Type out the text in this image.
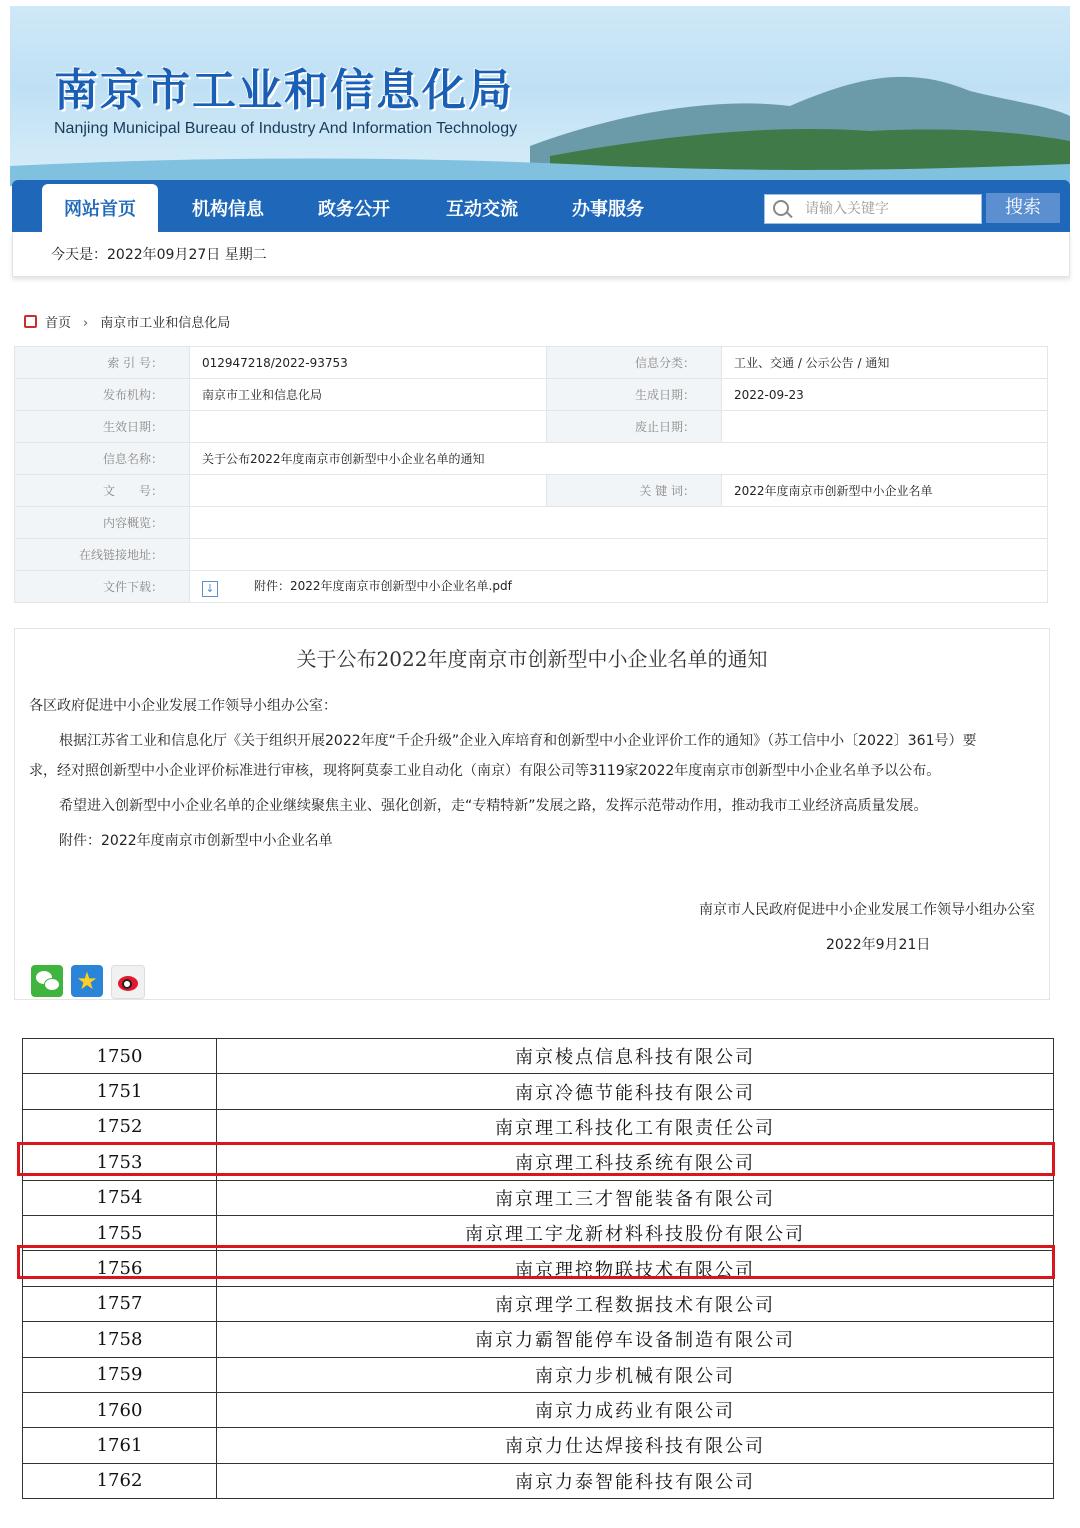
南京市工业和信息化局
Nanjing Municipal Bureau of Industry And Information Technology
网站首页	机构信息	政务公开	互动交流	办事服务
请输入关键字	搜索
今天是：2022年09月27日 星期二
首页 › 南京市工业和信息化局
索 引 号：	012947218/2022-93753	信息分类：	工业、交通 / 公示公告 / 通知
发布机构：	南京市工业和信息化局	生成日期：	2022-09-23
生效日期：		废止日期：	
信息名称：	关于公布2022年度南京市创新型中小企业名单的通知		
文　　号：		关 键 词：	2022年度南京市创新型中小企业名单
内容概览：			
在线链接地址：			
文件下载：	↓ 附件：2022年度南京市创新型中小企业名单.pdf		
关于公布2022年度南京市创新型中小企业名单的通知
各区政府促进中小企业发展工作领导小组办公室：
根据江苏省工业和信息化厅《关于组织开展2022年度“千企升级”企业入库培育和创新型中小企业评价工作的通知》（苏工信中小〔2022〕361号）要
求，经对照创新型中小企业评价标准进行审核，现将阿莫泰工业自动化（南京）有限公司等3119家2022年度南京市创新型中小企业名单予以公布。
希望进入创新型中小企业名单的企业继续聚焦主业、强化创新，走“专精特新”发展之路，发挥示范带动作用，推动我市工业经济高质量发展。
附件：2022年度南京市创新型中小企业名单
南京市人民政府促进中小企业发展工作领导小组办公室
2022年9月21日
★
1750	南京棱点信息科技有限公司
1751	南京冷德节能科技有限公司
1752	南京理工科技化工有限责任公司
1753	南京理工科技系统有限公司
1754	南京理工三才智能装备有限公司
1755	南京理工宇龙新材料科技股份有限公司
1756	南京理控物联技术有限公司
1757	南京理学工程数据技术有限公司
1758	南京力霸智能停车设备制造有限公司
1759	南京力步机械有限公司
1760	南京力成药业有限公司
1761	南京力仕达焊接科技有限公司
1762	南京力泰智能科技有限公司
